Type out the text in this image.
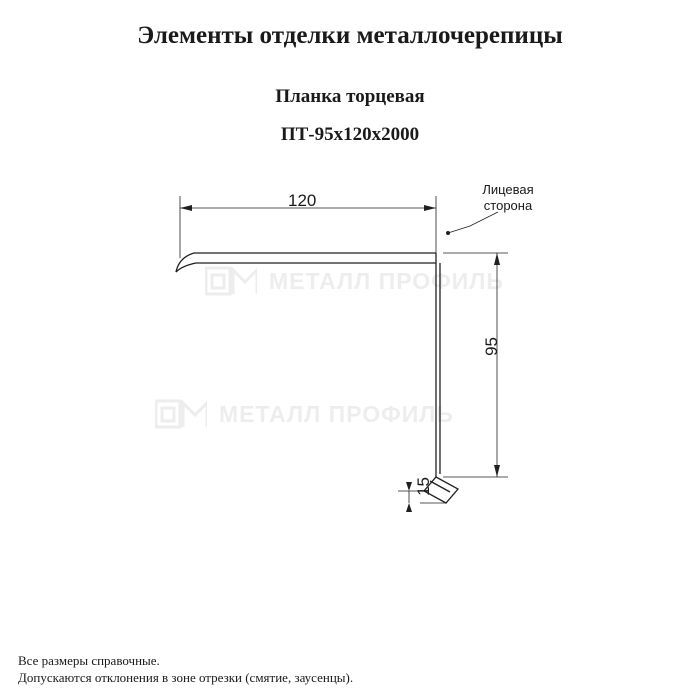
Элементы отделки металлочерепицы
Планка торцевая
ПТ-95х120х2000
МЕТАЛЛ ПРОФИЛЬ
МЕТАЛЛ ПРОФИЛЬ
120
95
15
Лицевая сторона
Все размеры справочные.
Допускаются отклонения в зоне отрезки (смятие, заусенцы).
